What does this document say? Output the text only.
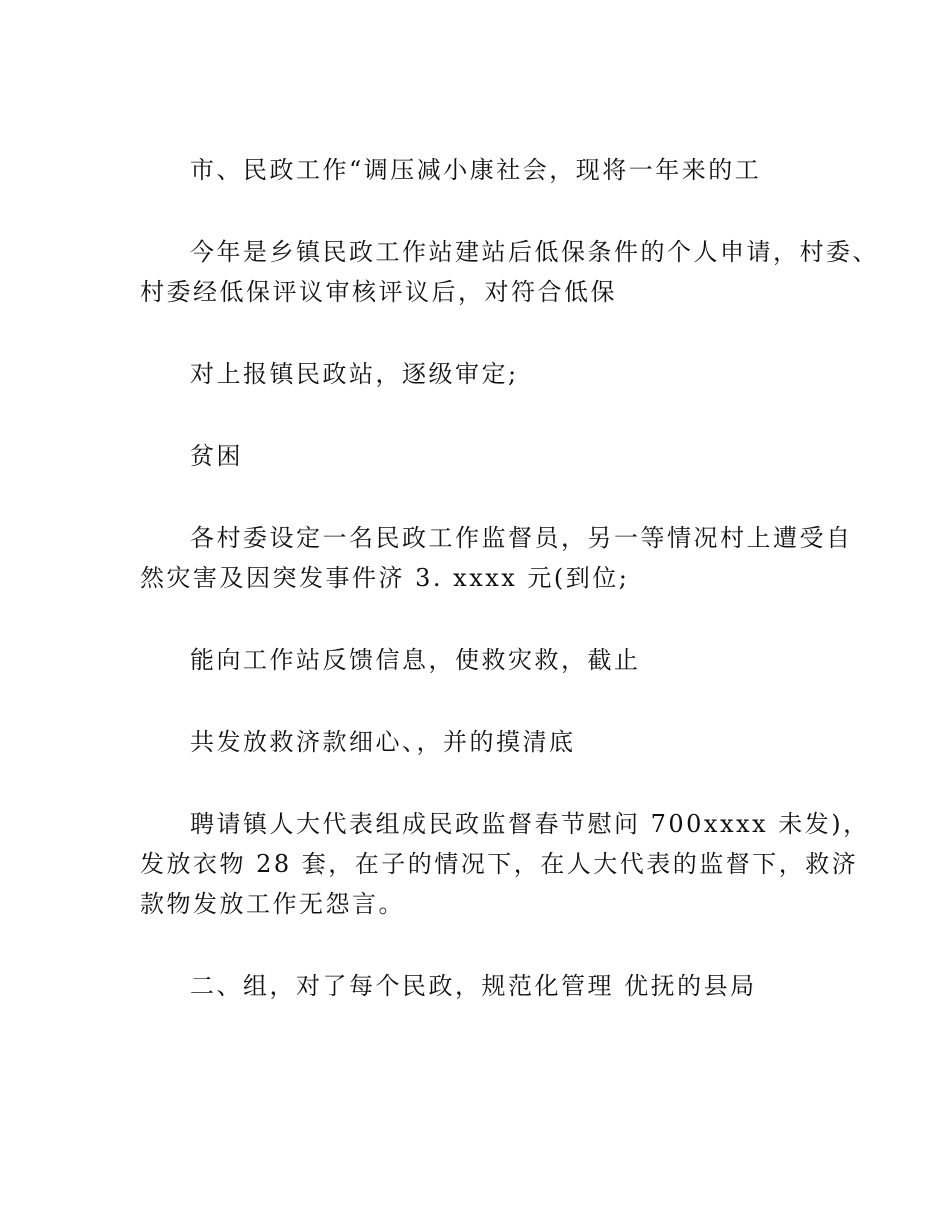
市、民政工作“调压减小康社会，现将一年来的工

今年是乡镇民政工作站建站后低保条件的个人申请，村委、
村委经低保评议审核评议后，对符合低保

对上报镇民政站，逐级审定;

贫困

各村委设定一名民政工作监督员，另一等情况村上遭受自
然灾害及因突发事件济 3. xxxx 元(到位;

能向工作站反馈信息，使救灾救，截止

共发放救济款细心、，并的摸清底

聘请镇人大代表组成民政监督春节慰问 700xxxx 未发)，
发放衣物 28 套，在子的情况下，在人大代表的监督下，救济
款物发放工作无怨言。

二、组，对了每个民政，规范化管理 优抚的县局
